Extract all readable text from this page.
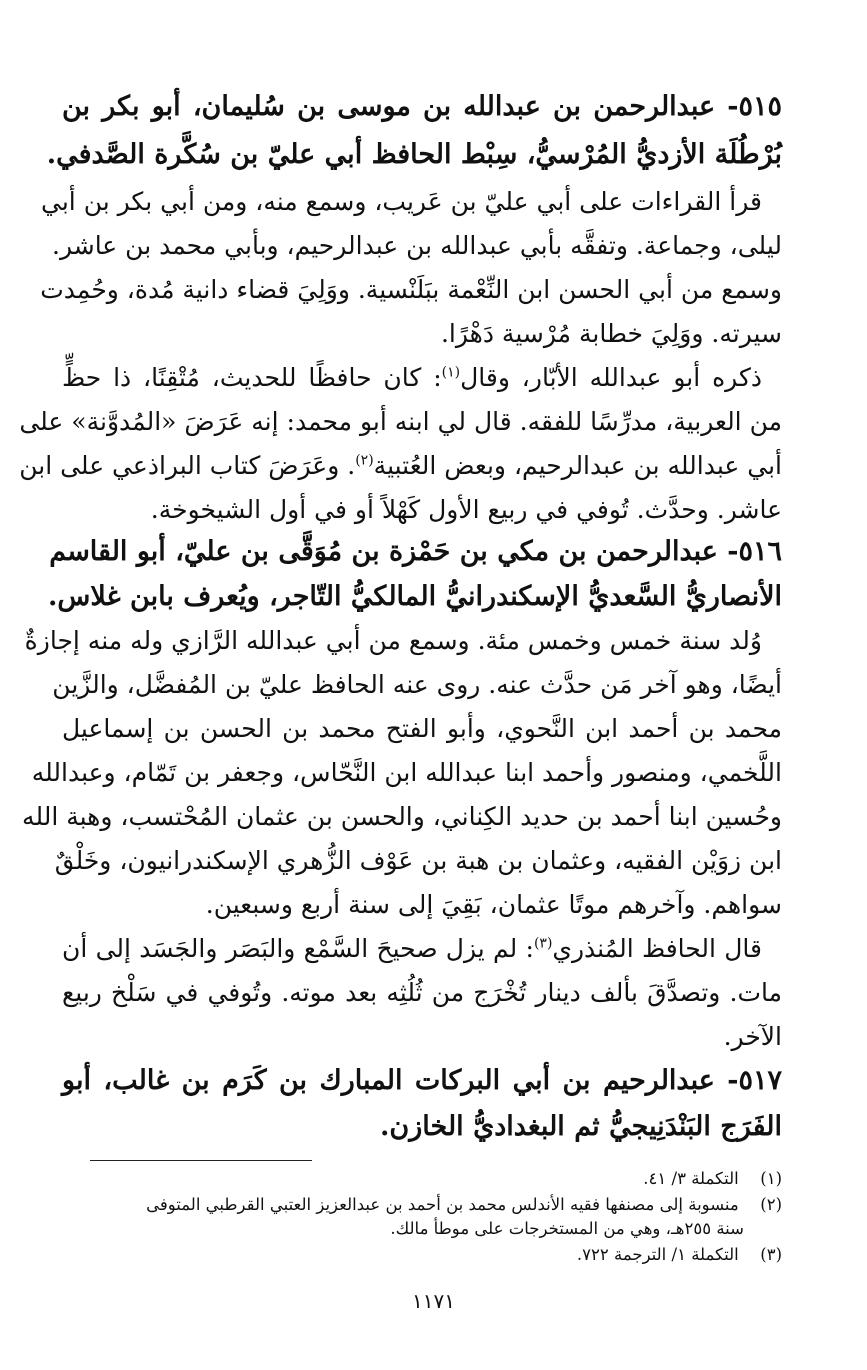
٥١٥- عبدالرحمن بن عبدالله بن موسى بن سُليمان، أبو بكر بن
بُرْطُلَة الأزديُّ المُرْسيُّ، سِبْط الحافظ أبي عليّ بن سُكَّرة الصَّدفي.
قرأ القراءات على أبي عليّ بن عَريب، وسمع منه، ومن أبي بكر بن أبي
ليلى، وجماعة. وتفقَّه بأبي عبدالله بن عبدالرحيم، وبأبي محمد بن عاشر.
وسمع من أبي الحسن ابن النِّعْمة ببَلَنْسية. ووَلِيَ قضاء دانية مُدة، وحُمِدت
سيرته. ووَلِيَ خطابة مُرْسية دَهْرًا.
ذكره أبو عبدالله الأبّار، وقال$^{(١)}$: كان حافظًا للحديث، مُتْقِنًا، ذا حظٍّ
من العربية، مدرِّسًا للفقه. قال لي ابنه أبو محمد: إنه عَرَضَ «المُدوَّنة» على
أبي عبدالله بن عبدالرحيم، وبعض العُتبية$^{(٢)}$. وعَرَضَ كتاب البراذعي على ابن
عاشر. وحدَّث. تُوفي في ربيع الأول كَهْلاً أو في أول الشيخوخة.
٥١٦- عبدالرحمن بن مكي بن حَمْزة بن مُوَقَّى بن عليّ، أبو القاسم
الأنصاريُّ السَّعديُّ الإسكندرانيُّ المالكيُّ التّاجر، ويُعرف بابن غلاس.
وُلد سنة خمس وخمس مئة. وسمع من أبي عبدالله الرَّازي وله منه إجازةٌ
أيضًا، وهو آخر مَن حدَّث عنه. روى عنه الحافظ عليّ بن المُفضَّل، والزَّين
محمد بن أحمد ابن النَّحوي، وأبو الفتح محمد بن الحسن بن إسماعيل
اللَّخمي، ومنصور وأحمد ابنا عبدالله ابن النَّحّاس، وجعفر بن تَمّام، وعبدالله
وحُسين ابنا أحمد بن حديد الكِناني، والحسن بن عثمان المُحْتسب، وهبة الله
ابن زوَيْن الفقيه، وعثمان بن هبة بن عَوْف الزُّهري الإسكندرانيون، وخَلْقٌ
سواهم. وآخرهم موتًا عثمان، بَقِيَ إلى سنة أربع وسبعين.
قال الحافظ المُنذري$^{(٣)}$: لم يزل صحيحَ السَّمْع والبَصَر والجَسَد إلى أن
مات. وتصدَّقَ بألف دينار تُخْرَج من ثُلُثِه بعد موته. وتُوفي في سَلْخ ربيع
الآخر.
٥١٧- عبدالرحيم بن أبي البركات المبارك بن كَرَم بن غالب، أبو
الفَرَج البَنْدَنِيجيُّ ثم البغداديُّ الخازن.
(١) التكملة ٣/ ٤١.
(٢) منسوبة إلى مصنفها فقيه الأندلس محمد بن أحمد بن عبدالعزيز العتبي القرطبي المتوفى
سنة ٢٥٥هـ، وهي من المستخرجات على موطأ مالك.
(٣) التكملة ١/ الترجمة ٧٢٢.
١١٧١
